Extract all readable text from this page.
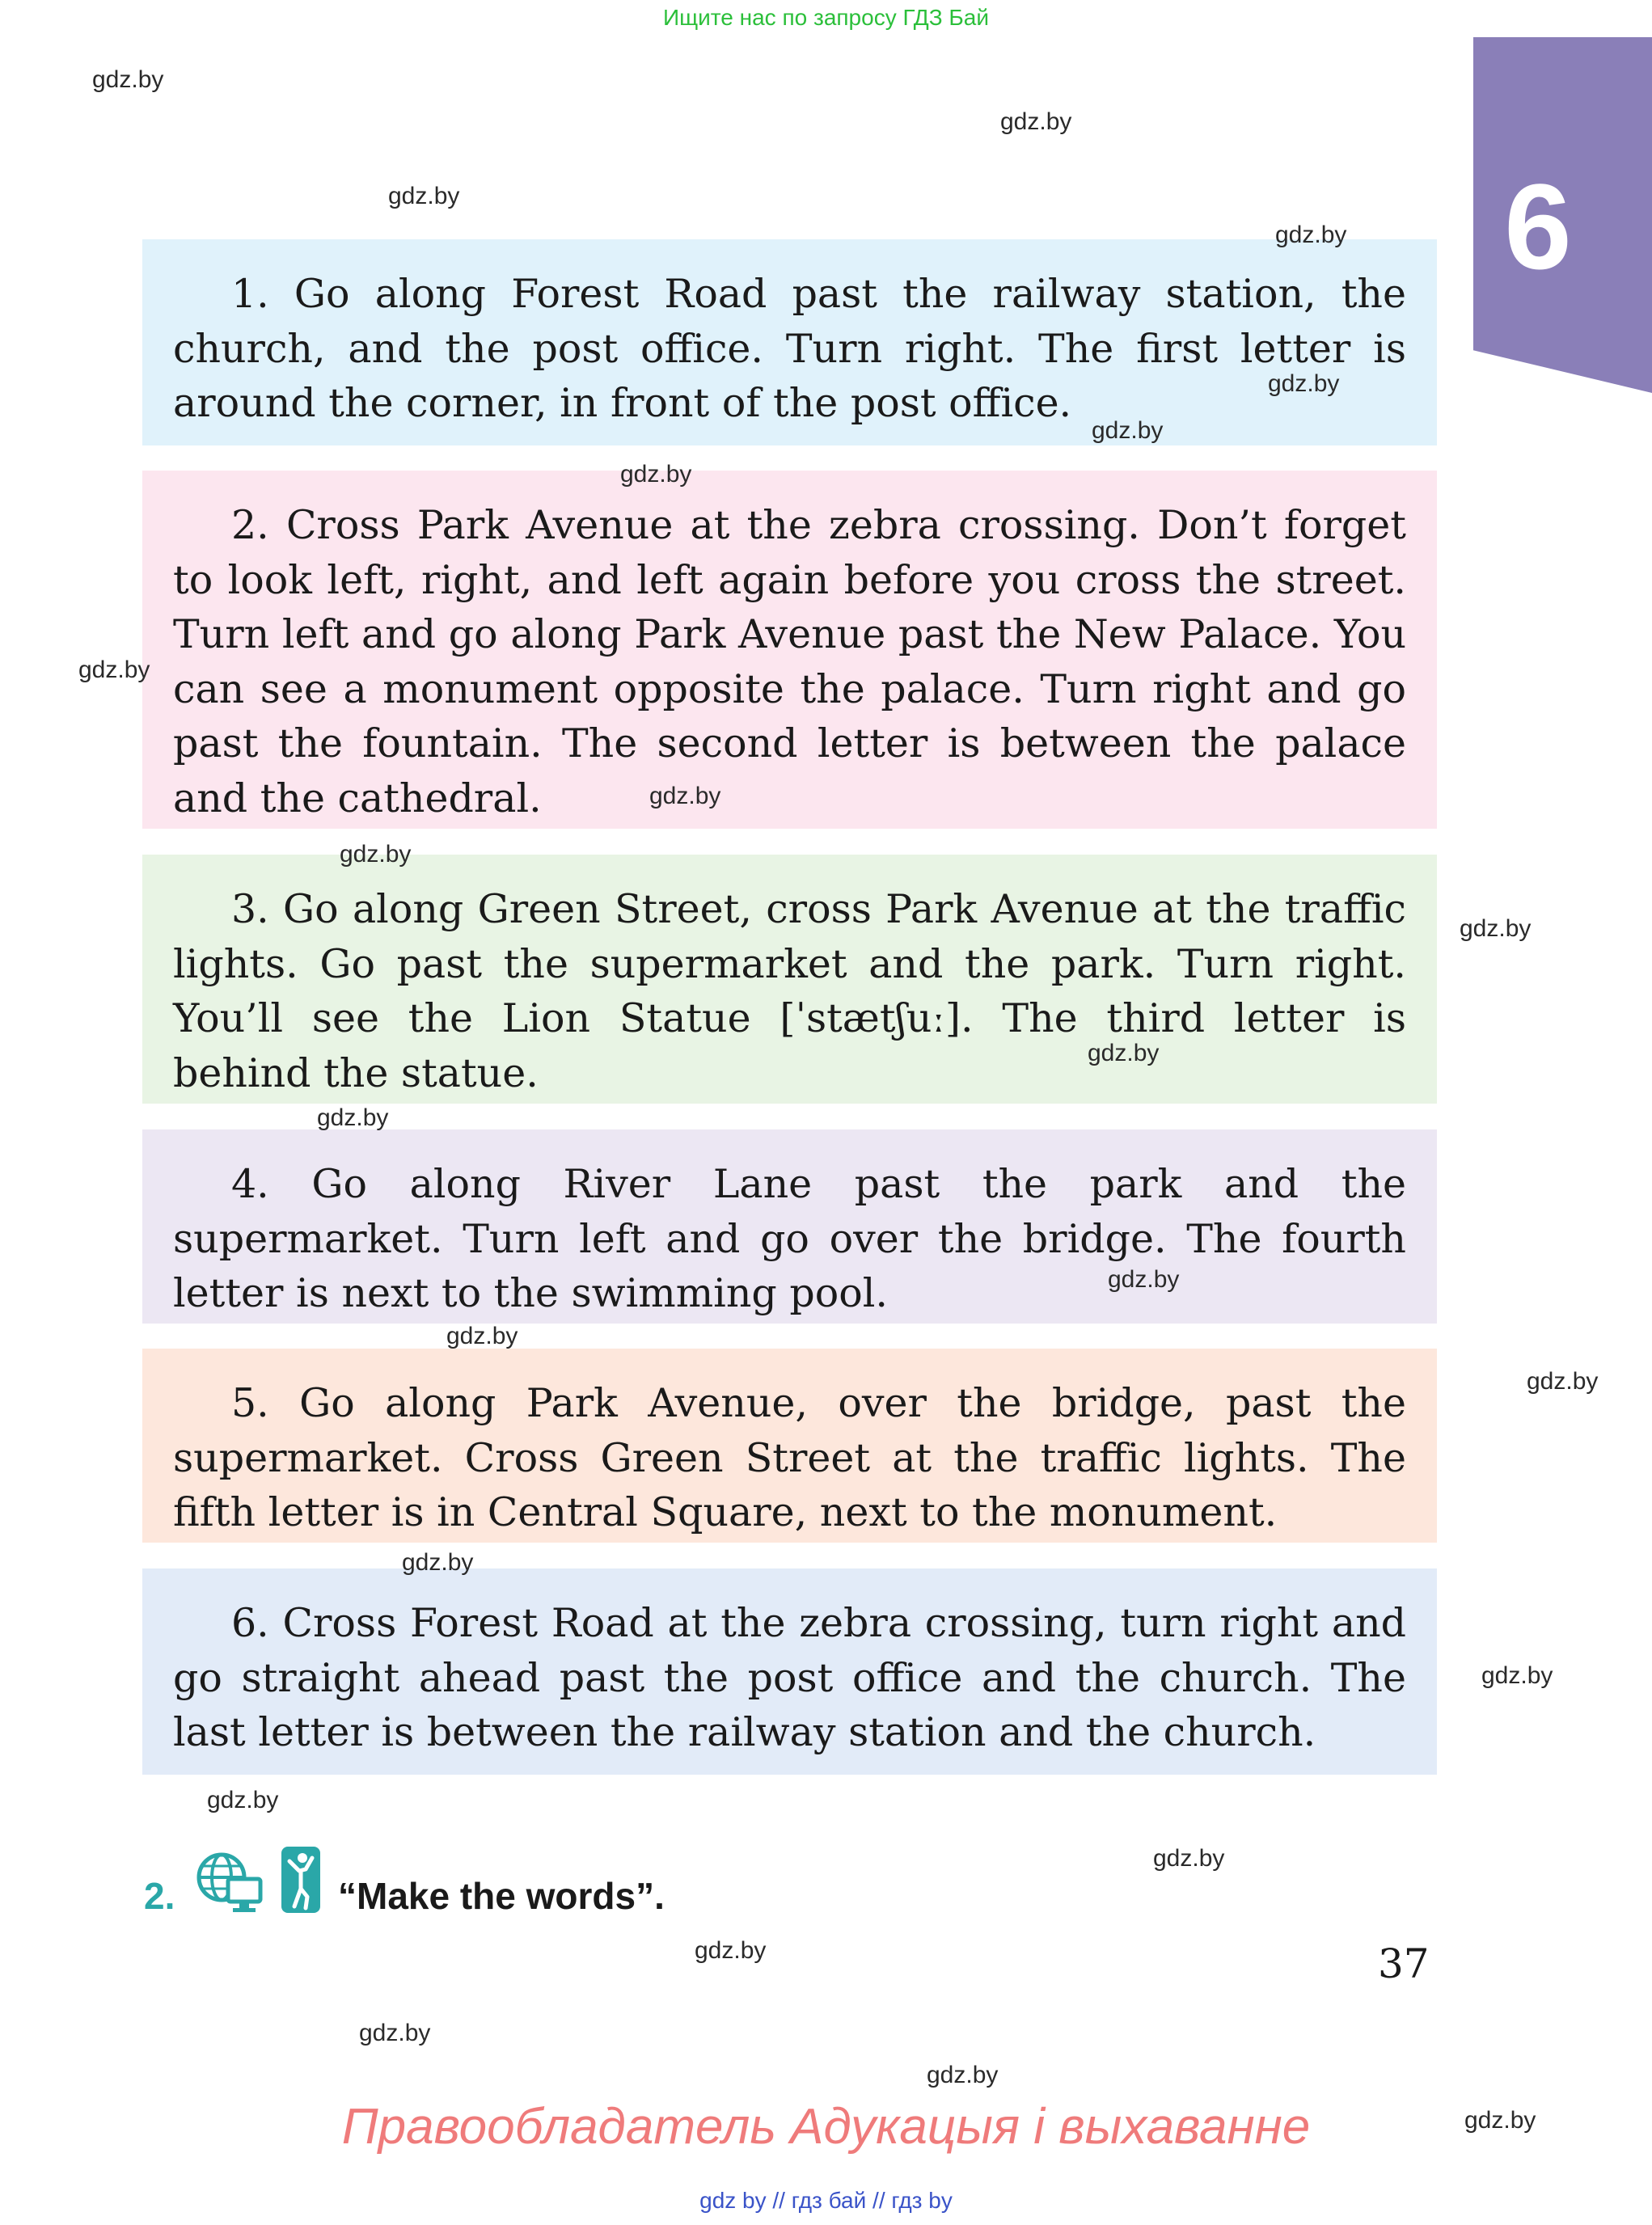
Ищите нас по запросу ГДЗ Бай
6
1. Go along Forest Road past the railway station, the church, and the post office. Turn right. The first letter is around the corner, in front of the post office.
2. Cross Park Avenue at the zebra crossing. Don’t forget to look left, right, and left again before you cross the street. Turn left and go along Park Avenue past the New Palace. You can see a monument opposite the palace. Turn right and go past the fountain. The second letter is between the palace and the cathedral.
3. Go along Green Street, cross Park Avenue at the traffic lights. Go past the supermarket and the park. Turn right. You’ll see the Lion Statue [ˈstætʃuː]. The third letter is behind the statue.
4. Go along River Lane past the park and the supermarket. Turn left and go over the bridge. The fourth letter is next to the swimming pool.
5. Go along Park Avenue, over the bridge, past the supermarket. Cross Green Street at the traffic lights. The fifth letter is in Central Square, next to the monument.
6. Cross Forest Road at the zebra crossing, turn right and go straight ahead past the post office and the church. The last letter is between the railway station and the church.
2.	“Make the words”.
37
Правообладатель Адукацыя і выхаванне
gdz by // гдз бай // гдз by
gdz.by
gdz.by
gdz.by
gdz.by
gdz.by
gdz.by
gdz.by
gdz.by
gdz.by
gdz.by
gdz.by
gdz.by
gdz.by
gdz.by
gdz.by
gdz.by
gdz.by
gdz.by
gdz.by
gdz.by
gdz.by
gdz.by
gdz.by
gdz.by
